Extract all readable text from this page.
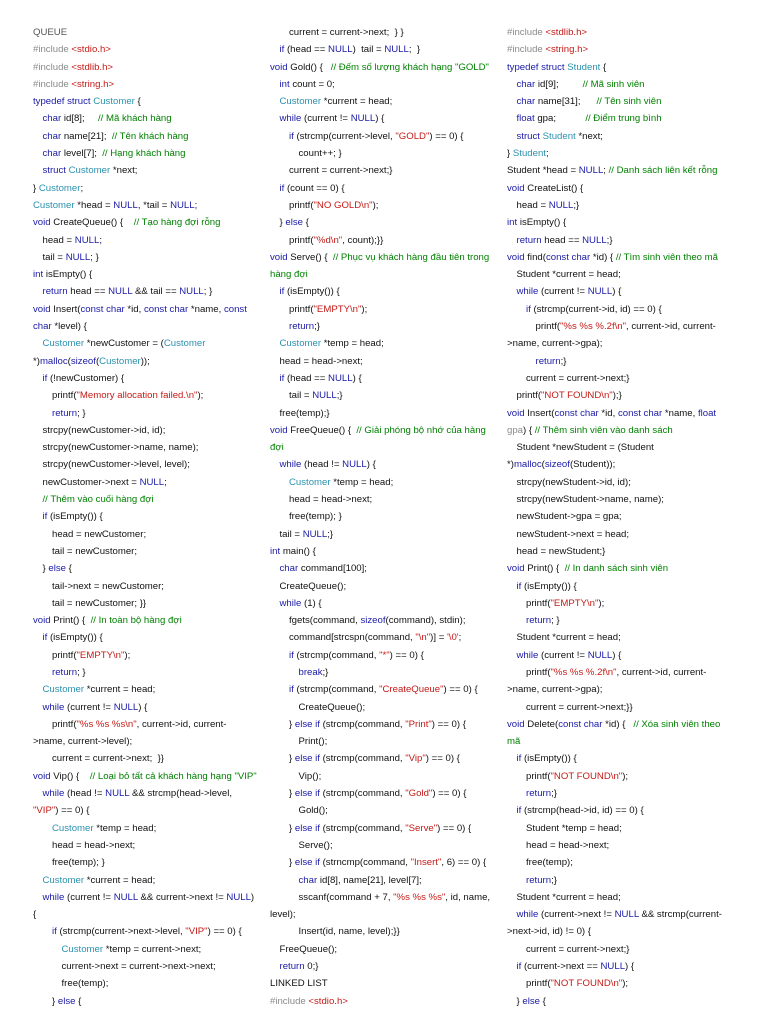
QUEUE
#include <stdio.h>
#include <stdlib.h>
#include <string.h>
typedef struct Customer {
char id[8];     // Mã khách hàng
char name[21];  // Tên khách hàng
char level[7];  // Hạng khách hàng
struct Customer *next;
} Customer;
Customer *head = NULL, *tail = NULL;
void CreateQueue() {    // Tạo hàng đợi rỗng
head = NULL;
tail = NULL; }
int isEmpty() {
return head == NULL && tail == NULL; }
void Insert(const char *id, const char *name, const
char *level) {
Customer *newCustomer = (Customer
*)malloc(sizeof(Customer));
if (!newCustomer) {
printf("Memory allocation failed.\n");
return; }
strcpy(newCustomer->id, id);
strcpy(newCustomer->name, name);
strcpy(newCustomer->level, level);
newCustomer->next = NULL;
// Thêm vào cuối hàng đợi
if (isEmpty()) {
head = newCustomer;
tail = newCustomer;
} else {
tail->next = newCustomer;
tail = newCustomer; }}
void Print() {  // In toàn bộ hàng đợi
if (isEmpty()) {
printf("EMPTY\n");
return; }
Customer *current = head;
while (current != NULL) {
printf("%s %s %s\n", current->id, current-
>name, current->level);
current = current->next;  }}
void Vip() {    // Loại bỏ tất cả khách hàng hạng "VIP"
while (head != NULL && strcmp(head->level,
"VIP") == 0) {
Customer *temp = head;
head = head->next;
free(temp); }
Customer *current = head;
while (current != NULL && current->next != NULL)
{
if (strcmp(current->next->level, "VIP") == 0) {
Customer *temp = current->next;
current->next = current->next->next;
free(temp);
} else {
current = current->next;  } }
if (head == NULL)  tail = NULL;  }
void Gold() {   // Đếm số lượng khách hạng "GOLD"
int count = 0;
Customer *current = head;
while (current != NULL) {
if (strcmp(current->level, "GOLD") == 0) {
count++; }
current = current->next;}
if (count == 0) {
printf("NO GOLD\n");
} else {
printf("%d\n", count);}}
void Serve() {  // Phục vụ khách hàng đầu tiên trong
hàng đợi
if (isEmpty()) {
printf("EMPTY\n");
return;}
Customer *temp = head;
head = head->next;
if (head == NULL) {
tail = NULL;}
free(temp);}
void FreeQueue() {  // Giải phóng bộ nhớ của hàng
đợi
while (head != NULL) {
Customer *temp = head;
head = head->next;
free(temp); }
tail = NULL;}
int main() {
char command[100];
CreateQueue();
while (1) {
fgets(command, sizeof(command), stdin);
command[strcspn(command, "\n")] = '\0';
if (strcmp(command, "*") == 0) {
break;}
if (strcmp(command, "CreateQueue") == 0) {
CreateQueue();
} else if (strcmp(command, "Print") == 0) {
Print();
} else if (strcmp(command, "Vip") == 0) {
Vip();
} else if (strcmp(command, "Gold") == 0) {
Gold();
} else if (strcmp(command, "Serve") == 0) {
Serve();
} else if (strncmp(command, "Insert", 6) == 0) {
char id[8], name[21], level[7];
sscanf(command + 7, "%s %s %s", id, name,
level);
Insert(id, name, level);}}
FreeQueue();
return 0;}
LINKED LIST
#include <stdio.h>
#include <stdlib.h>
#include <string.h>
typedef struct Student {
char id[9];         // Mã sinh viên
char name[31];      // Tên sinh viên
float gpa;           // Điểm trung bình
struct Student *next;
} Student;
Student *head = NULL; // Danh sách liên kết rỗng
void CreateList() {
head = NULL;}
int isEmpty() {
return head == NULL;}
void find(const char *id) { // Tìm sinh viên theo mã
Student *current = head;
while (current != NULL) {
if (strcmp(current->id, id) == 0) {
printf("%s %s %.2f\n", current->id, current-
>name, current->gpa);
return;}
current = current->next;}
printf("NOT FOUND\n");}
void Insert(const char *id, const char *name, float
gpa) { // Thêm sinh viên vào danh sách
Student *newStudent = (Student
*)malloc(sizeof(Student));
strcpy(newStudent->id, id);
strcpy(newStudent->name, name);
newStudent->gpa = gpa;
newStudent->next = head;
head = newStudent;}
void Print() {  // In danh sách sinh viên
if (isEmpty()) {
printf("EMPTY\n");
return; }
Student *current = head;
while (current != NULL) {
printf("%s %s %.2f\n", current->id, current-
>name, current->gpa);
current = current->next;}}
void Delete(const char *id) {   // Xóa sinh viên theo
mã
if (isEmpty()) {
printf("NOT FOUND\n");
return;}
if (strcmp(head->id, id) == 0) {
Student *temp = head;
head = head->next;
free(temp);
return;}
Student *current = head;
while (current->next != NULL && strcmp(current-
>next->id, id) != 0) {
current = current->next;}
if (current->next == NULL) {
printf("NOT FOUND\n");
} else {
